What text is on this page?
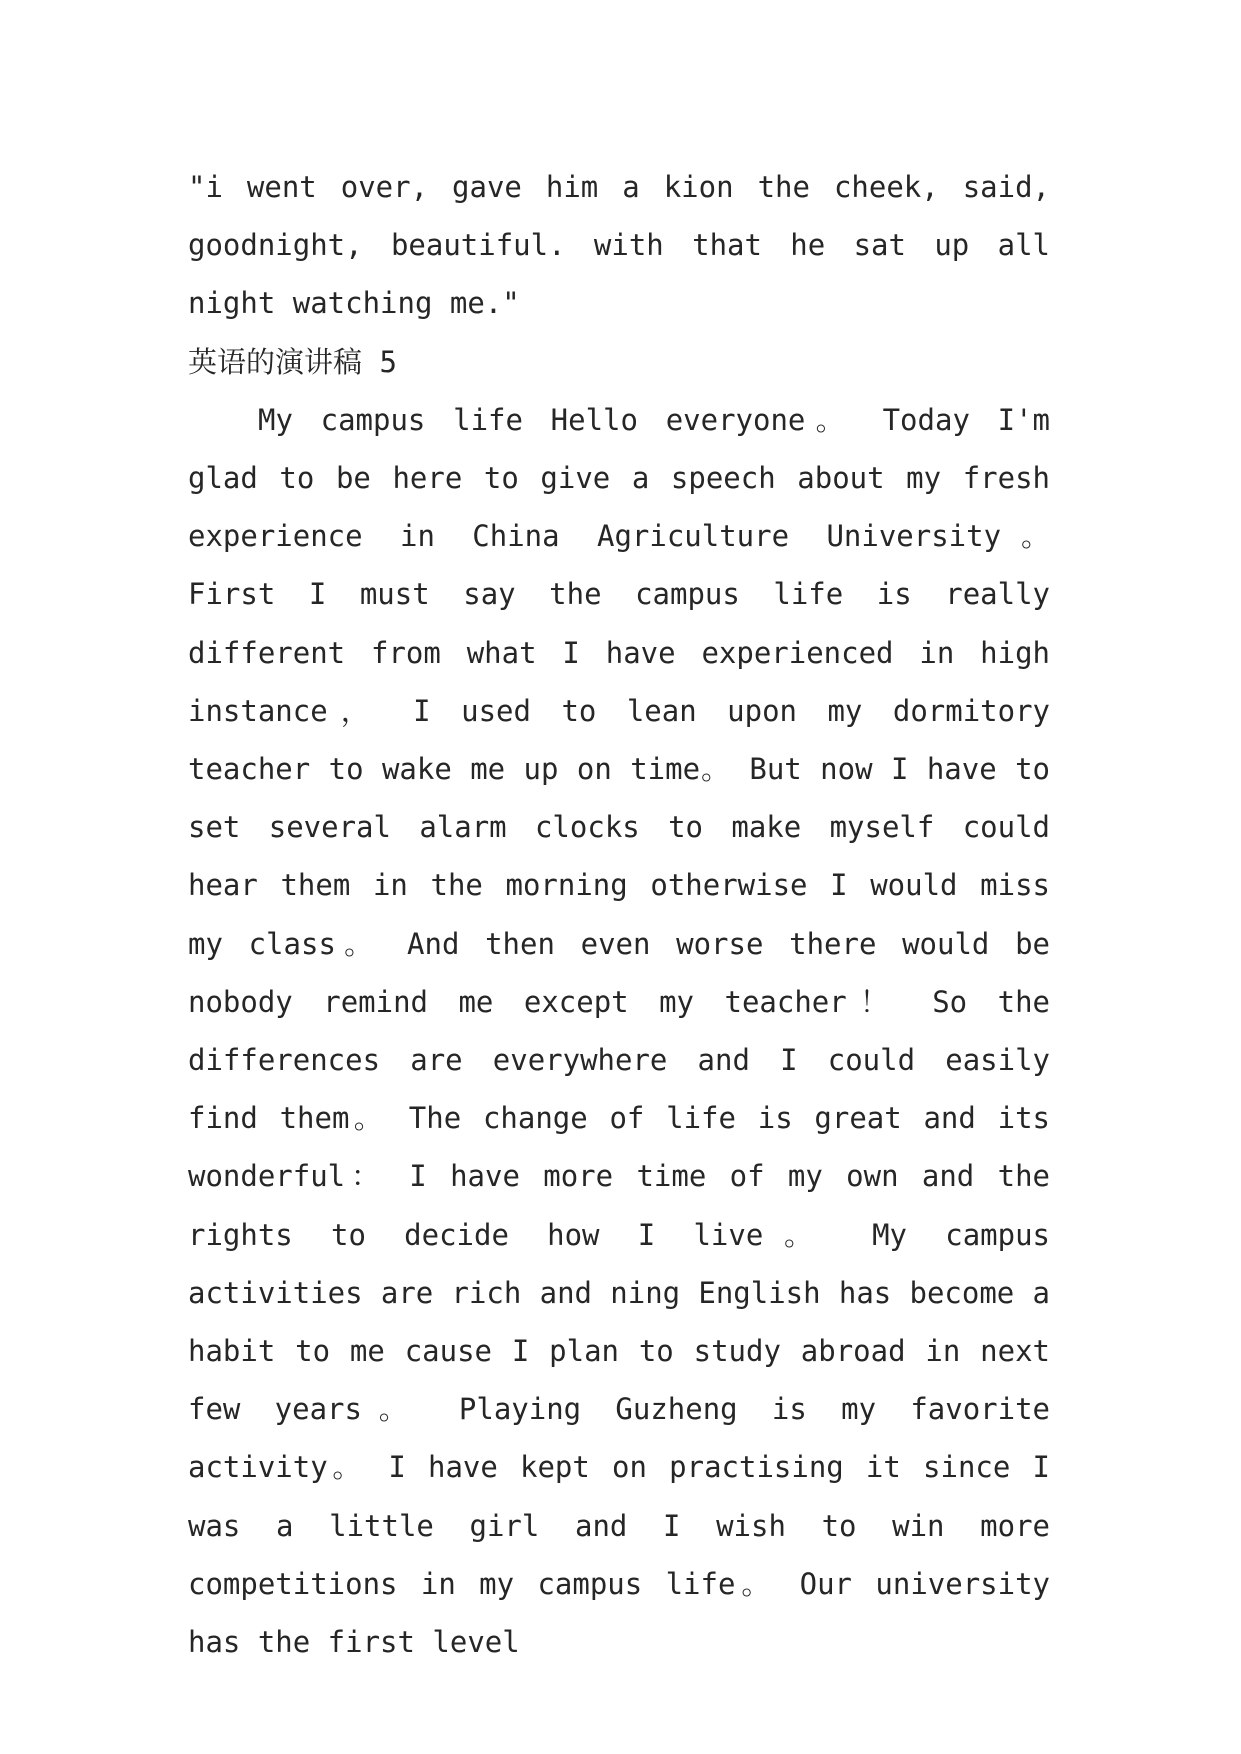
"i went over, gave him a kion the cheek, said, goodnight, beautiful. with that he sat up all night watching me."

英语的演讲稿 5

My campus life Hello everyone。 Today I'm glad to be here to give a speech about my fresh experience in China Agriculture University。 First I must say the campus life is really different from what I have experienced in high instance， I used to lean upon my dormitory teacher to wake me up on time。 But now I have to set several alarm clocks to make myself could hear them in the morning otherwise I would miss my class。 And then even worse there would be nobody remind me except my teacher！ So the differences are everywhere and I could easily find them。 The change of life is great and its wonderful： I have more time of my own and the rights to decide how I live。 My campus activities are rich and ning English has become a habit to me cause I plan to study abroad in next few years。 Playing Guzheng is my favorite activity。 I have kept on practising it since I was a little girl and I wish to win more competitions in my campus life。 Our university has the first level
